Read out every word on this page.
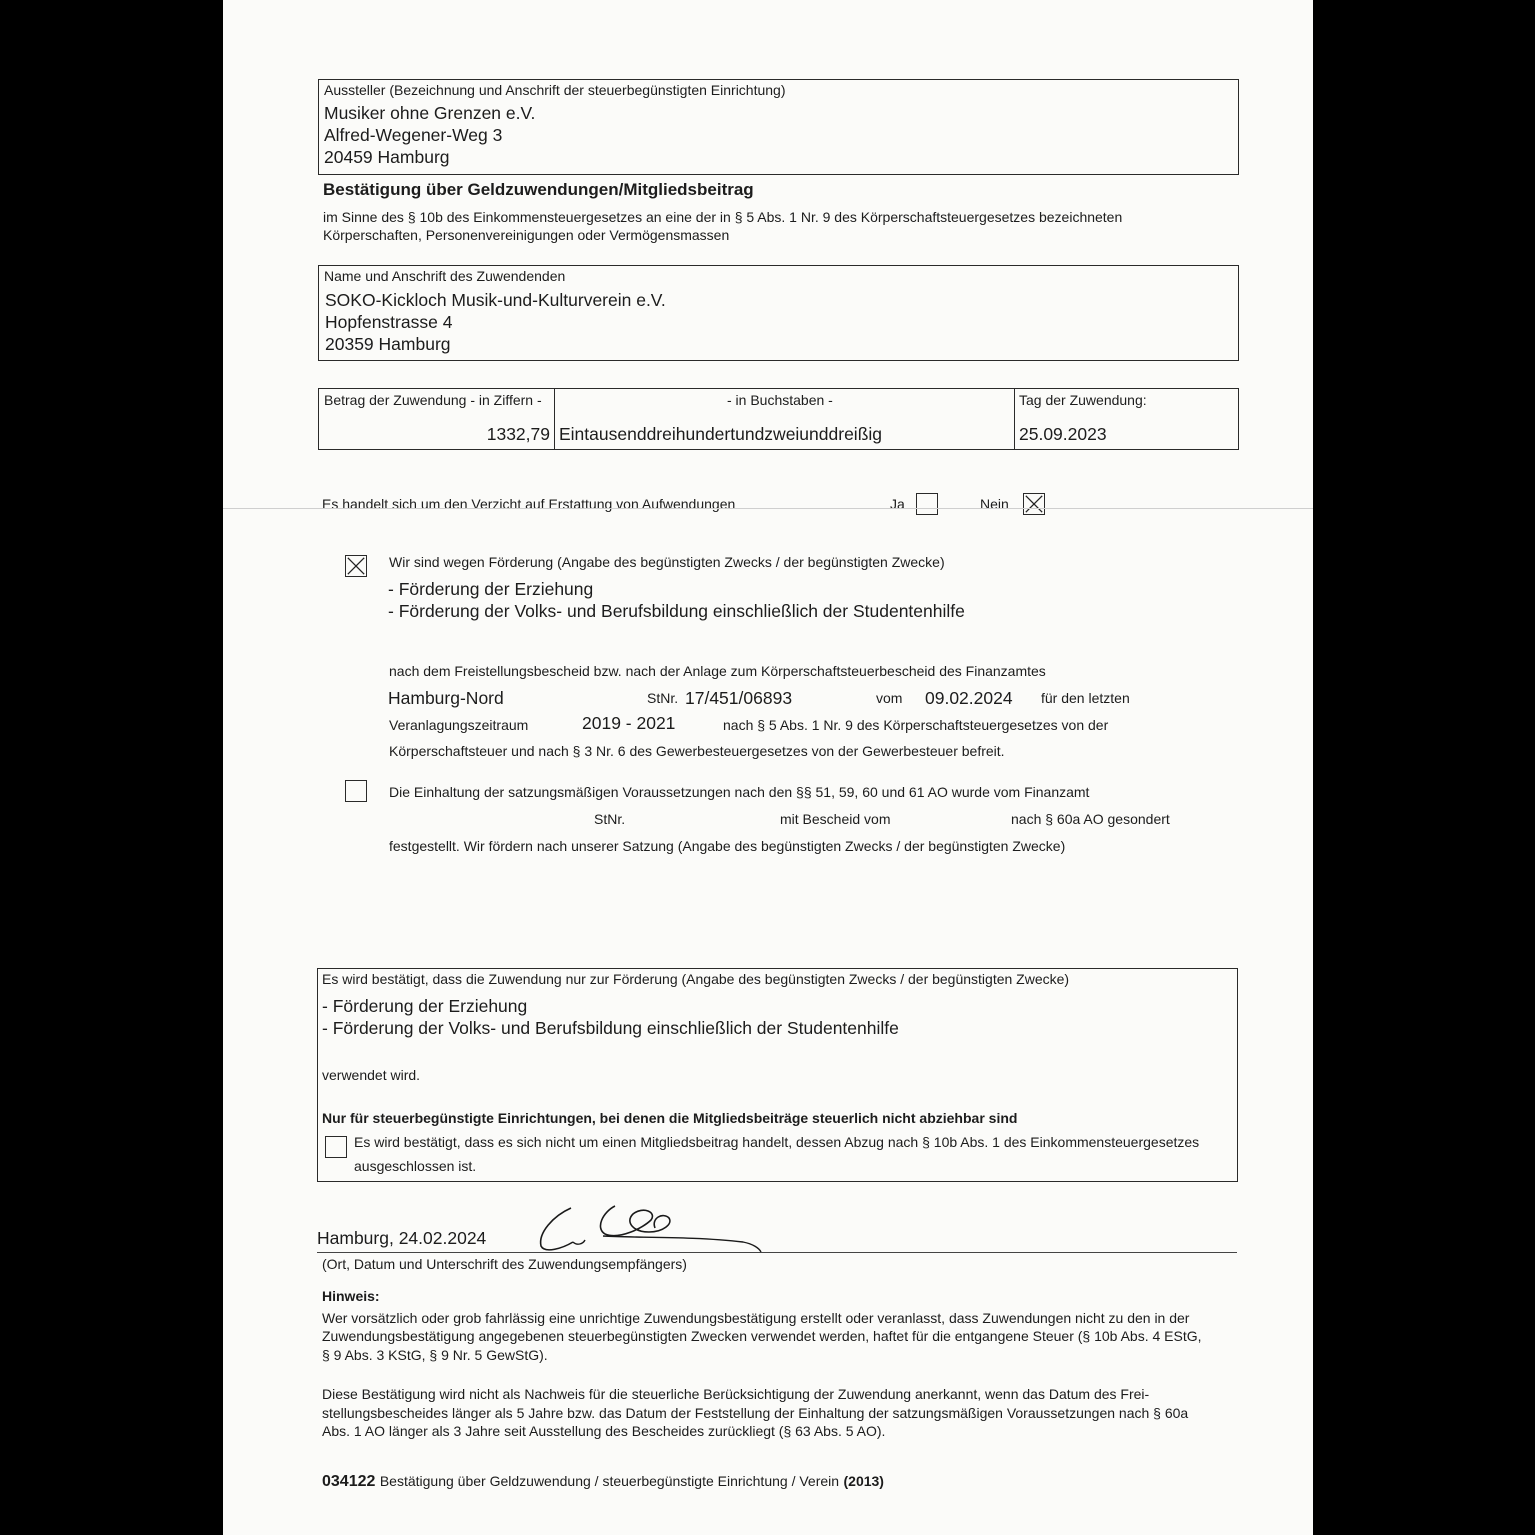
Aussteller (Bezeichnung und Anschrift der steuerbegünstigten Einrichtung)
Musiker ohne Grenzen e.V.
Alfred-Wegener-Weg 3
20459 Hamburg
Bestätigung über Geldzuwendungen/Mitgliedsbeitrag
im Sinne des § 10b des Einkommensteuergesetzes an eine der in § 5 Abs. 1 Nr. 9 des Körperschaftsteuergesetzes bezeichneten
Körperschaften, Personenvereinigungen oder Vermögensmassen
Name und Anschrift des Zuwendenden
SOKO-Kickloch Musik-und-Kulturverein e.V.
Hopfenstrasse 4
20359 Hamburg
Betrag der Zuwendung - in Ziffern -	- in Buchstaben -	Tag der Zuwendung:
1332,79 Eintausenddreihundertundzweiunddreißig	25.09.2023
Es handelt sich um den Verzicht auf Erstattung von Aufwendungen	Ja	Nein
Wir sind wegen Förderung (Angabe des begünstigten Zwecks / der begünstigten Zwecke)
- Förderung der Erziehung
- Förderung der Volks- und Berufsbildung einschließlich der Studentenhilfe
nach dem Freistellungsbescheid bzw. nach der Anlage zum Körperschaftsteuerbescheid des Finanzamtes
Hamburg-Nord	StNr. 17/451/06893	vom 09.02.2024 für den letzten
Veranlagungszeitraum	2019 - 2021	nach § 5 Abs. 1 Nr. 9 des Körperschaftsteuergesetzes von der
Körperschaftsteuer und nach § 3 Nr. 6 des Gewerbesteuergesetzes von der Gewerbesteuer befreit.
Die Einhaltung der satzungsmäßigen Voraussetzungen nach den §§ 51, 59, 60 und 61 AO wurde vom Finanzamt
StNr.	mit Bescheid vom	nach § 60a AO gesondert
festgestellt. Wir fördern nach unserer Satzung (Angabe des begünstigten Zwecks / der begünstigten Zwecke)
Es wird bestätigt, dass die Zuwendung nur zur Förderung (Angabe des begünstigten Zwecks / der begünstigten Zwecke)
- Förderung der Erziehung
- Förderung der Volks- und Berufsbildung einschließlich der Studentenhilfe
verwendet wird.
Nur für steuerbegünstigte Einrichtungen, bei denen die Mitgliedsbeiträge steuerlich nicht abziehbar sind
Es wird bestätigt, dass es sich nicht um einen Mitgliedsbeitrag handelt, dessen Abzug nach § 10b Abs. 1 des Einkommensteuergesetzes
ausgeschlossen ist.
Hamburg, 24.02.2024
(Ort, Datum und Unterschrift des Zuwendungsempfängers)
Hinweis:
Wer vorsätzlich oder grob fahrlässig eine unrichtige Zuwendungsbestätigung erstellt oder veranlasst, dass Zuwendungen nicht zu den in der
Zuwendungsbestätigung angegebenen steuerbegünstigten Zwecken verwendet werden, haftet für die entgangene Steuer (§ 10b Abs. 4 EStG,
§ 9 Abs. 3 KStG, § 9 Nr. 5 GewStG).
Diese Bestätigung wird nicht als Nachweis für die steuerliche Berücksichtigung der Zuwendung anerkannt, wenn das Datum des Frei-
stellungsbescheides länger als 5 Jahre bzw. das Datum der Feststellung der Einhaltung der satzungsmäßigen Voraussetzungen nach § 60a
Abs. 1 AO länger als 3 Jahre seit Ausstellung des Bescheides zurückliegt (§ 63 Abs. 5 AO).
034122 Bestätigung über Geldzuwendung / steuerbegünstigte Einrichtung / Verein (2013)
